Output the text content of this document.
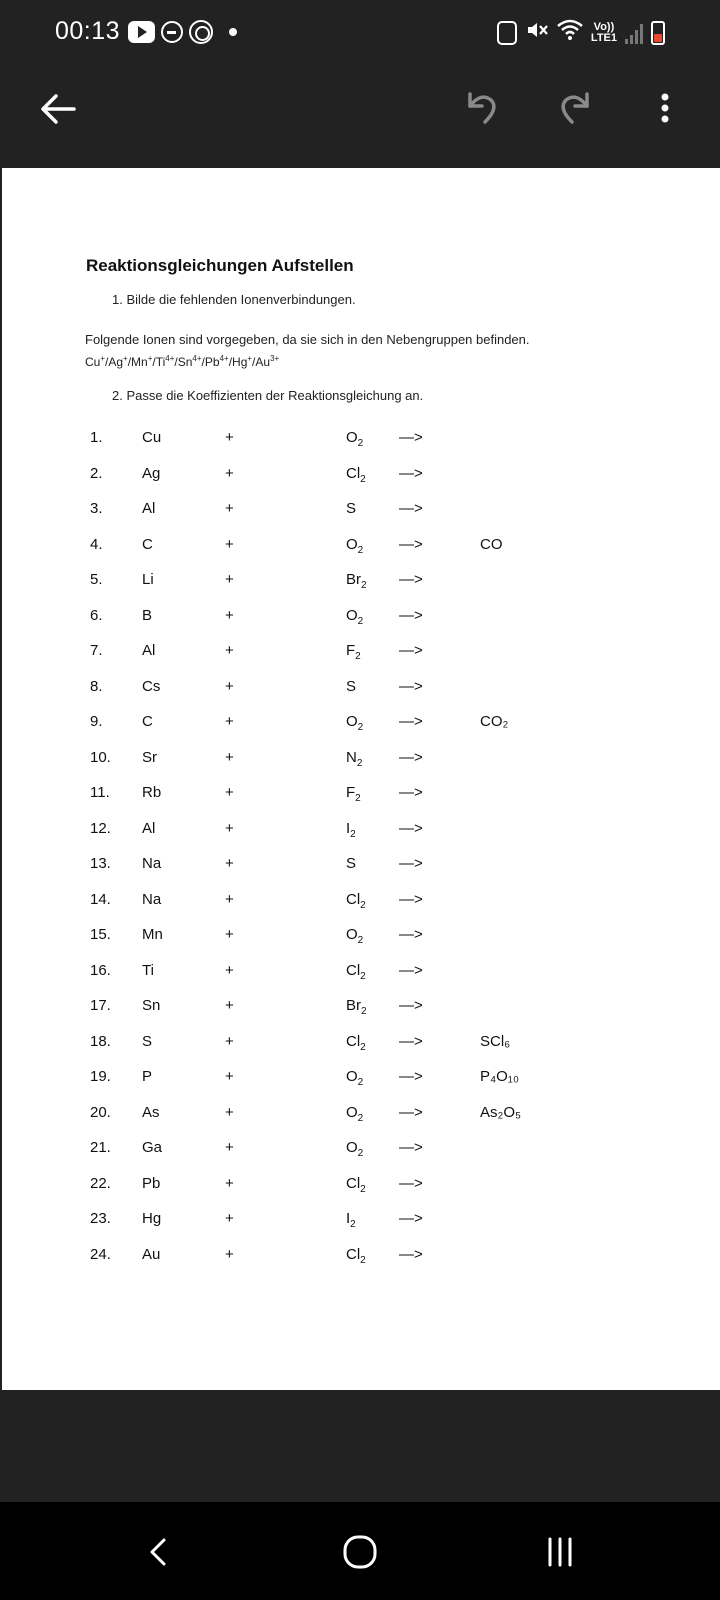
00:13	Vo))
LTE1
Reaktionsgleichungen Aufstellen
1. Bilde die fehlenden Ionenverbindungen.
Folgende Ionen sind vorgegeben, da sie sich in den Nebengruppen befinden.
$Cu^+/Ag^+/Mn^+/Ti^{4+}/Sn^{4+}/Pb^{4+}/Hg^+/Au^{3+}$
2. Passe die Koeffizienten der Reaktionsgleichung an.
1.	Cu	+	$O_2$ —>
2.	Ag	+	$Cl_2$ —>
3.	Al	+	S	—>
4.	C	+	$O_2$ —>	CO
5.	Li	+	$Br_2$ —>
6.	B	+	$O_2$ —>
7.	Al	+	$F_2$	—>
8.	Cs	+	S	—>
9.	C	+	$O_2$ —>	CO₂
10. Sr	+	$N_2$ —>
11. Rb	+	$F_2$	—>
12. Al	+	$I_2$	—>
13. Na	+	S	—>
14. Na	+	$Cl_2$ —>
15. Mn	+	$O_2$ —>
16. Ti	+	$Cl_2$ —>
17. Sn	+	$Br_2$ —>
18. S	+	$Cl_2$ —>	SCl₆
19. P	+	$O_2$ —>	P₄O₁₀
20. As	+	$O_2$ —>	As₂O₅
21. Ga	+	$O_2$ —>
22. Pb	+	$Cl_2$ —>
23. Hg	+	$I_2$	—>
24. Au	+	$Cl_2$ —>
